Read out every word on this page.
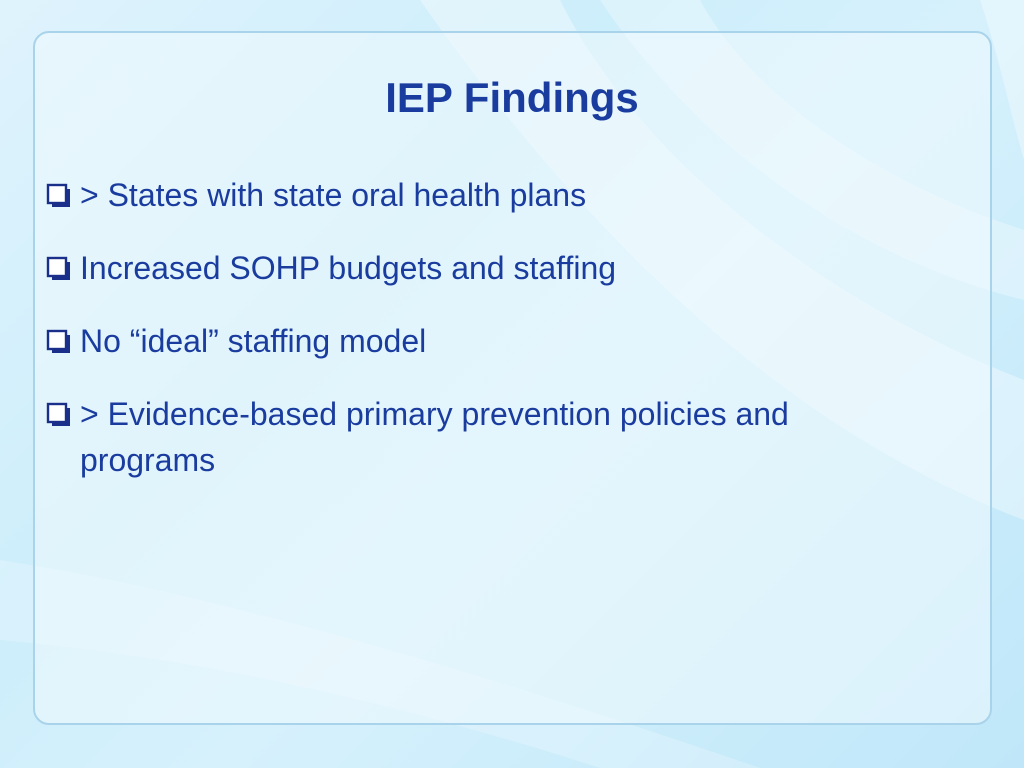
IEP Findings
> States with state oral health plans
Increased SOHP budgets and staffing
No “ideal” staffing model
> Evidence-based primary prevention policies and programs
